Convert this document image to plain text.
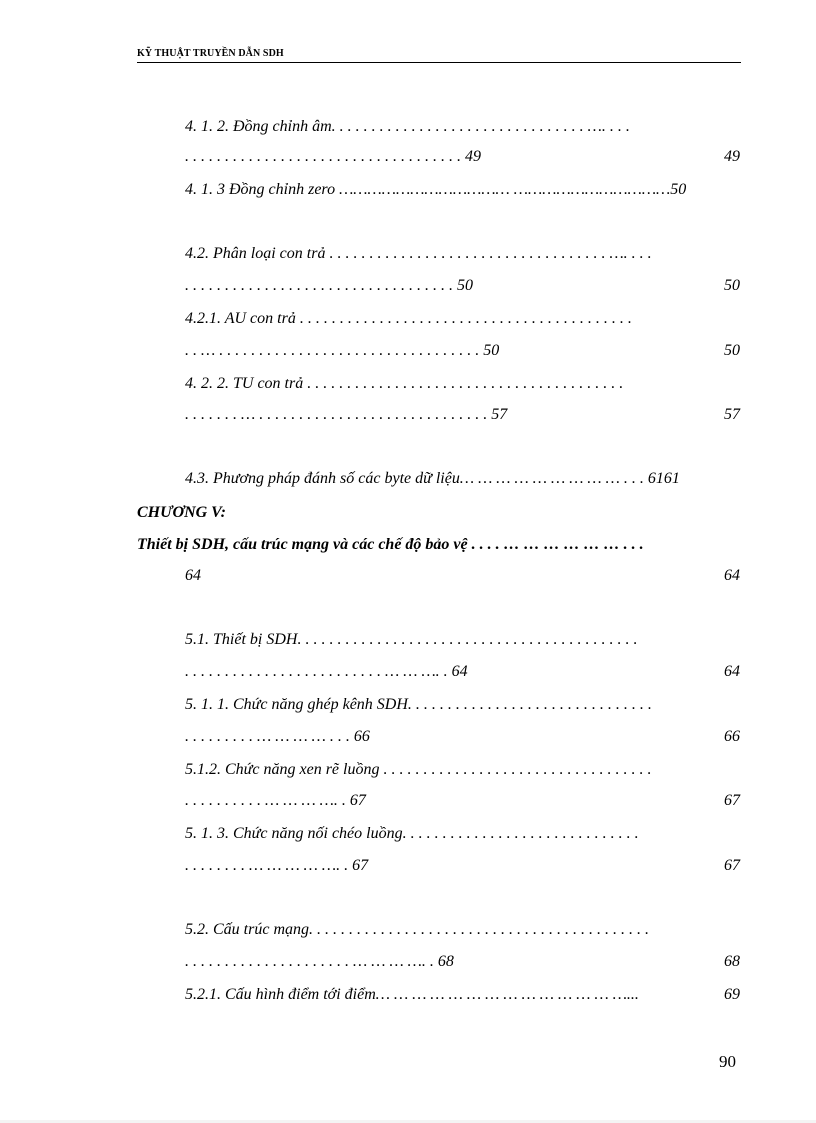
KỸ THUẬT TRUYỀN DẪN SDH
4. 1. 2. Đồng chỉnh âm. . . . . . . . . . . . . . . . . . . . . . . . . . . . . . . . …. . . .
. . . . . . . . . . . . . . . . . . . . . . . . . . . . . . . . . . . 49	49
4. 1. 3 Đồng chỉnh zero ……………………………… ……………………………50
4.2. Phân loại con trả . . . . . . . . . . . . . . . . . . . . . . . . . . . . . . . . . . . …. . . .
. . . . . . . . . . . . . . . . . . . . . . . . . . . . . . . . . . 50	50
4.2.1. AU con trả . . . . . . . . . . . . . . . . . . . . . . . . . . . . . . . . . . . . . . . . . .
. . … . . . . . . . . . . . . . . . . . . . . . . . . . . . . . . . . . 50	50
4. 2. 2. TU con trả . . . . . . . . . . . . . . . . . . . . . . . . . . . . . . . . . . . . . . . .
. . . . . . . … . . . . . . . . . . . . . . . . . . . . . . . . . . . . . 57	57
4.3. Phương pháp đánh số các byte dữ liệu… … … … … … … … … . . . 6161
CHƯƠNG V:
Thiết bị SDH, cấu trúc mạng và các chế độ bảo vệ . . . . … … … … … … . . .
64	64
5.1. Thiết bị SDH. . . . . . . . . . . . . . . . . . . . . . . . . . . . . . . . . . . . . . . . . . .
. . . . . . . . . . . . . . . . . . . . . . . . . … … …. . 64	64
5. 1. 1. Chức năng ghép kênh SDH. . . . . . . . . . . . . . . . . . . . . . . . . . . . . . .
. . . . . . . . . … … … … . . . 66	66
5.1.2. Chức năng xen rẽ luồng . . . . . . . . . . . . . . . . . . . . . . . . . . . . . . . . . .
. . . . . . . . . . … … … …. . 67	67
5. 1. 3. Chức năng nối chéo luồng. . . . . . . . . . . . . . . . . . . . . . . . . . . . . .
. . . . . . . . … … … … …. . 67	67
5.2. Cấu trúc mạng. . . . . . . . . . . . . . . . . . . . . . . . . . . . . . . . . . . . . . . . . . .
. . . . . . . . . . . . . . . . . . . . . … … … …. . 68	68
5.2.1. Cấu hình điểm tới điểm… … … … … … … … … … … … … …...	69
90
